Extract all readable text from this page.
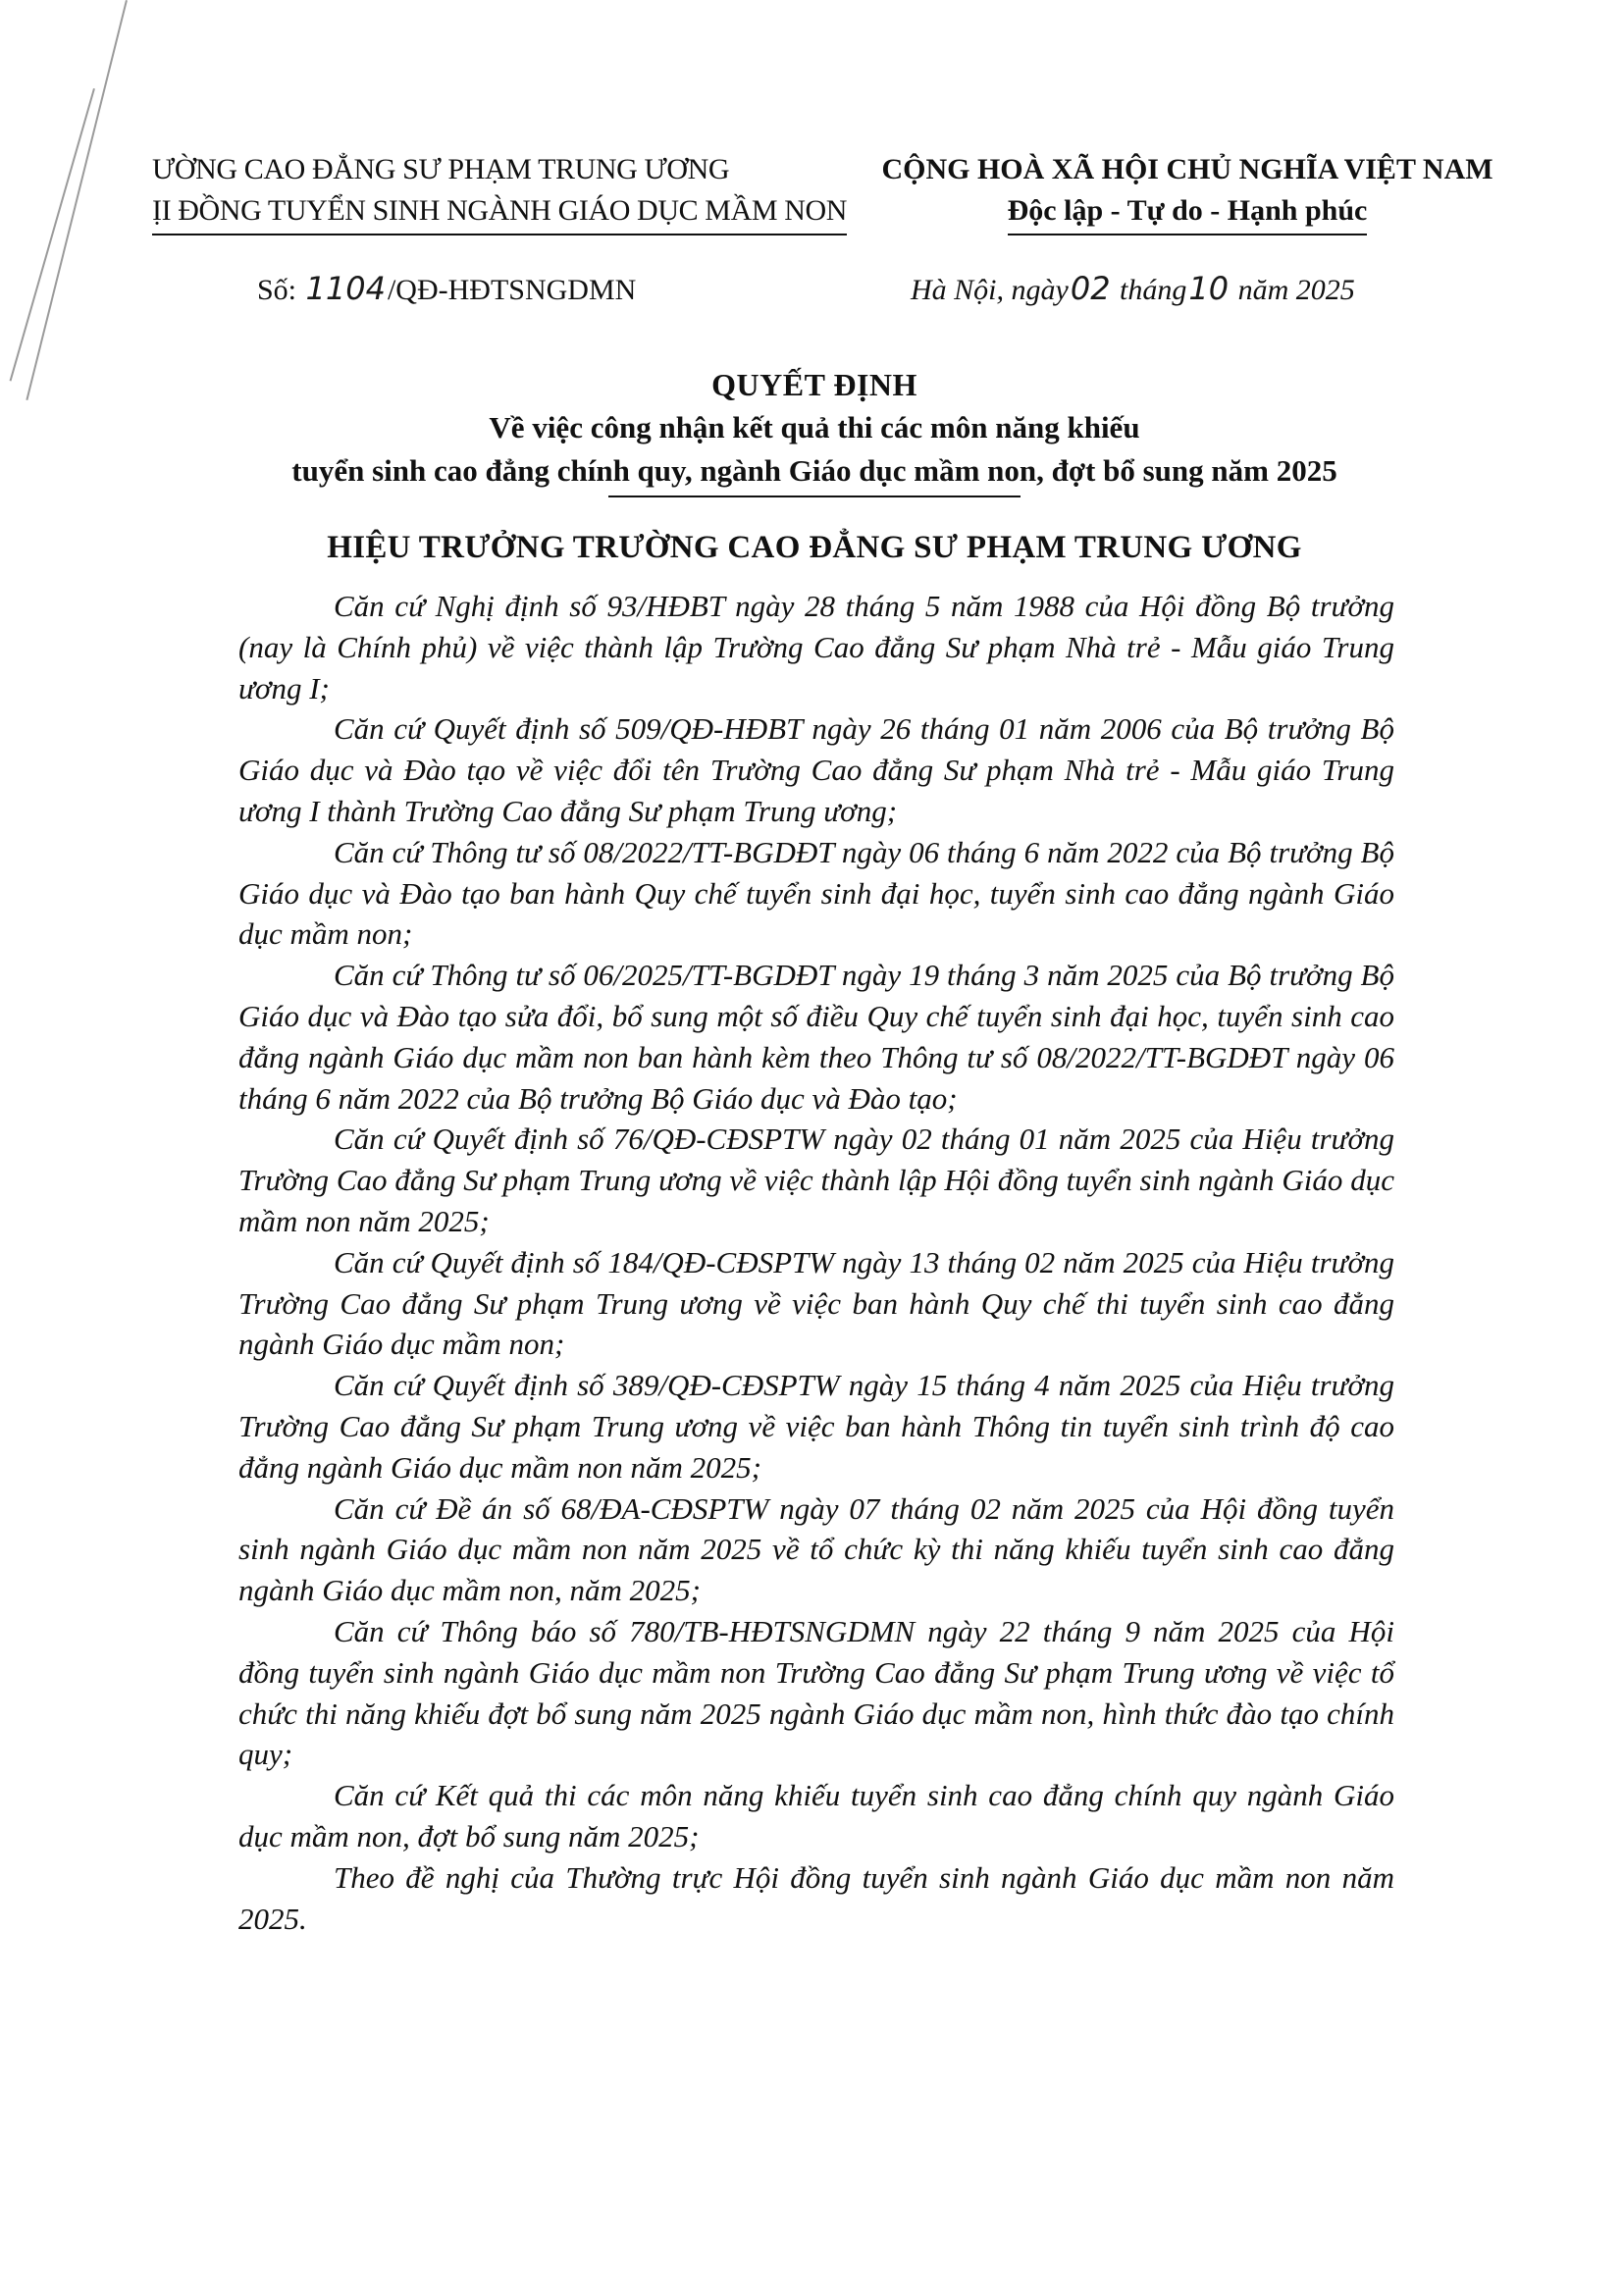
ƯỜNG CAO ĐẲNG SƯ PHẠM TRUNG ƯƠNG
ỊI ĐỒNG TUYỂN SINH NGÀNH GIÁO DỤC MẦM NON
CỘNG HOÀ XÃ HỘI CHỦ NGHĨA VIỆT NAM
Độc lập - Tự do - Hạnh phúc
Số: 1104/QĐ-HĐTSNGDMN	Hà Nội, ngày02 tháng10 năm 2025
QUYẾT ĐỊNH
Về việc công nhận kết quả thi các môn năng khiếu
tuyển sinh cao đẳng chính quy, ngành Giáo dục mầm non, đợt bổ sung năm 2025
HIỆU TRƯỞNG TRƯỜNG CAO ĐẲNG SƯ PHẠM TRUNG ƯƠNG

Căn cứ Nghị định số 93/HĐBT ngày 28 tháng 5 năm 1988 của Hội đồng Bộ trưởng (nay là Chính phủ) về việc thành lập Trường Cao đẳng Sư phạm Nhà trẻ - Mẫu giáo Trung ương I;

Căn cứ Quyết định số 509/QĐ-HĐBT ngày 26 tháng 01 năm 2006 của Bộ trưởng Bộ Giáo dục và Đào tạo về việc đổi tên Trường Cao đẳng Sư phạm Nhà trẻ - Mẫu giáo Trung ương I thành Trường Cao đẳng Sư phạm Trung ương;

Căn cứ Thông tư số 08/2022/TT-BGDĐT ngày 06 tháng 6 năm 2022 của Bộ trưởng Bộ Giáo dục và Đào tạo ban hành Quy chế tuyển sinh đại học, tuyển sinh cao đẳng ngành Giáo dục mầm non;

Căn cứ Thông tư số 06/2025/TT-BGDĐT ngày 19 tháng 3 năm 2025 của Bộ trưởng Bộ Giáo dục và Đào tạo sửa đổi, bổ sung một số điều Quy chế tuyển sinh đại học, tuyển sinh cao đẳng ngành Giáo dục mầm non ban hành kèm theo Thông tư số 08/2022/TT-BGDĐT ngày 06 tháng 6 năm 2022 của Bộ trưởng Bộ Giáo dục và Đào tạo;

Căn cứ Quyết định số 76/QĐ-CĐSPTW ngày 02 tháng 01 năm 2025 của Hiệu trưởng Trường Cao đẳng Sư phạm Trung ương về việc thành lập Hội đồng tuyển sinh ngành Giáo dục mầm non năm 2025;

Căn cứ Quyết định số 184/QĐ-CĐSPTW ngày 13 tháng 02 năm 2025 của Hiệu trưởng Trường Cao đẳng Sư phạm Trung ương về việc ban hành Quy chế thi tuyển sinh cao đẳng ngành Giáo dục mầm non;

Căn cứ Quyết định số 389/QĐ-CĐSPTW ngày 15 tháng 4 năm 2025 của Hiệu trưởng Trường Cao đẳng Sư phạm Trung ương về việc ban hành Thông tin tuyển sinh trình độ cao đẳng ngành Giáo dục mầm non năm 2025;

Căn cứ Đề án số 68/ĐA-CĐSPTW ngày 07 tháng 02 năm 2025 của Hội đồng tuyển sinh ngành Giáo dục mầm non năm 2025 về tổ chức kỳ thi năng khiếu tuyển sinh cao đẳng ngành Giáo dục mầm non, năm 2025;

Căn cứ Thông báo số 780/TB-HĐTSNGDMN ngày 22 tháng 9 năm 2025 của Hội đồng tuyển sinh ngành Giáo dục mầm non Trường Cao đẳng Sư phạm Trung ương về việc tổ chức thi năng khiếu đợt bổ sung năm 2025 ngành Giáo dục mầm non, hình thức đào tạo chính quy;

Căn cứ Kết quả thi các môn năng khiếu tuyển sinh cao đẳng chính quy ngành Giáo dục mầm non, đợt bổ sung năm 2025;

Theo đề nghị của Thường trực Hội đồng tuyển sinh ngành Giáo dục mầm non năm 2025.
